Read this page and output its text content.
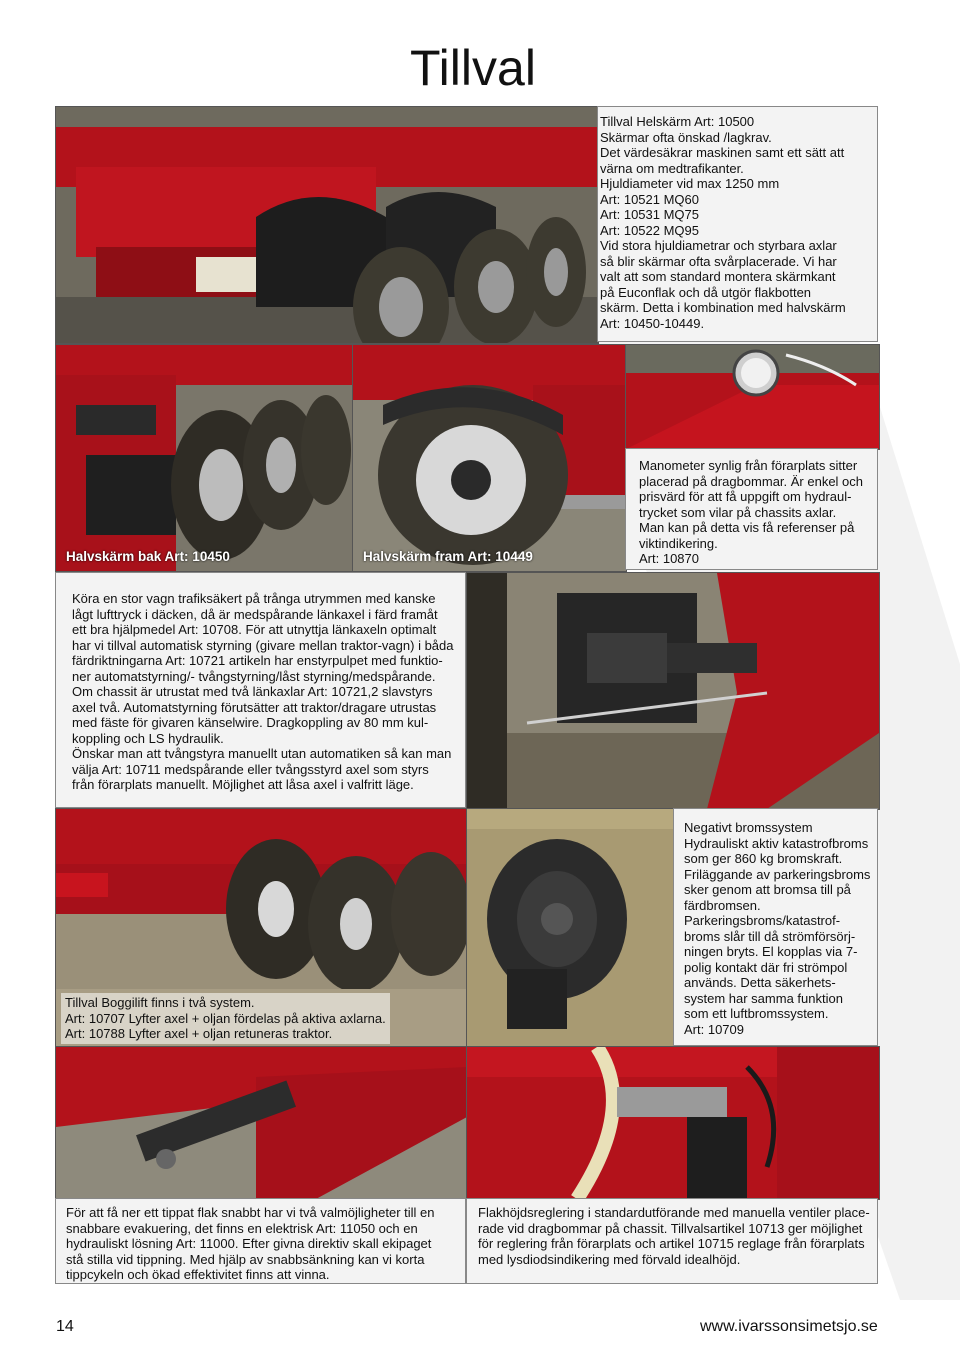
Tillval

Tillval Helskärm Art: 10500

Skärmar ofta önskad /lagkrav.

Det värdesäkrar maskinen samt ett sätt att

värna om medtrafikanter.

Hjuldiameter vid max 1250 mm

Art: 10521 MQ60

Art: 10531 MQ75

Art: 10522 MQ95

Vid stora hjuldiametrar och styrbara axlar

så blir skärmar ofta svårplacerade. Vi har

valt att som standard montera skärmkant

på Euconflak och då utgör flakbotten

skärm. Detta i kombination med halvskärm

Art: 10450-10449.

Halvskärm bak Art: 10450	Halvskärm fram Art: 10449

Manometer synlig från förarplats sitter

placerad på dragbommar. Är enkel och

prisvärd för att få uppgift om hydraul-

trycket som vilar på chassits axlar.

Man kan på detta vis få referenser på

viktindikering.

Art: 10870

Köra en stor vagn trafiksäkert på trånga utrymmen med kanske

lågt lufttryck i däcken, då är medspårande länkaxel i färd framåt

ett bra hjälpmedel Art: 10708. För att utnyttja länkaxeln optimalt

har vi tillval automatisk styrning (givare mellan traktor-vagn) i båda

färdriktningarna Art: 10721 artikeln har enstyrpulpet med funktio-

ner automatstyrning/- tvångstyrning/låst styrning/medspårande.

Om chassit är utrustat med två länkaxlar Art: 10721,2 slavstyrs

axel två. Automatstyrning förutsätter att traktor/dragare utrustas

med fäste för givaren känselwire. Dragkoppling av 80 mm kul-

koppling och LS hydraulik.

Önskar man att tvångstyra manuellt utan automatiken så kan man

välja Art: 10711 medspårande eller tvångsstyrd axel som styrs

från förarplats manuellt. Möjlighet att låsa axel i valfritt läge.

Tillval Boggilift finns i två system.

Art: 10707 Lyfter axel + oljan fördelas på aktiva axlarna.

Art: 10788 Lyfter axel + oljan retuneras traktor.

Negativt bromssystem

Hydrauliskt aktiv katastrofbroms

som ger 860 kg bromskraft.

Friläggande av parkeringsbroms

sker genom att bromsa till på

färdbromsen.

Parkeringsbroms/katastrof-

broms slår till då strömförsörj-

ningen bryts. El kopplas via 7-

polig kontakt där fri strömpol

används. Detta säkerhets-

system har samma funktion

som ett luftbromssystem.

Art: 10709

För att få ner ett tippat flak snabbt har vi två valmöjligheter till en

snabbare evakuering, det finns en elektrisk Art: 11050 och en

hydrauliskt lösning Art: 11000. Efter givna direktiv skall ekipaget

stå stilla vid tippning. Med hjälp av snabbsänkning kan vi korta

tippcykeln och ökad effektivitet finns att vinna.

Flakhöjdsreglering i standardutförande med manuella ventiler place-

rade vid dragbommar på chassit. Tillvalsartikel 10713 ger möjlighet

för reglering från förarplats och artikel 10715 reglage från förarplats

med lysdiodsindikering med förvald idealhöjd.

14	www.ivarssonsimetsjo.se
